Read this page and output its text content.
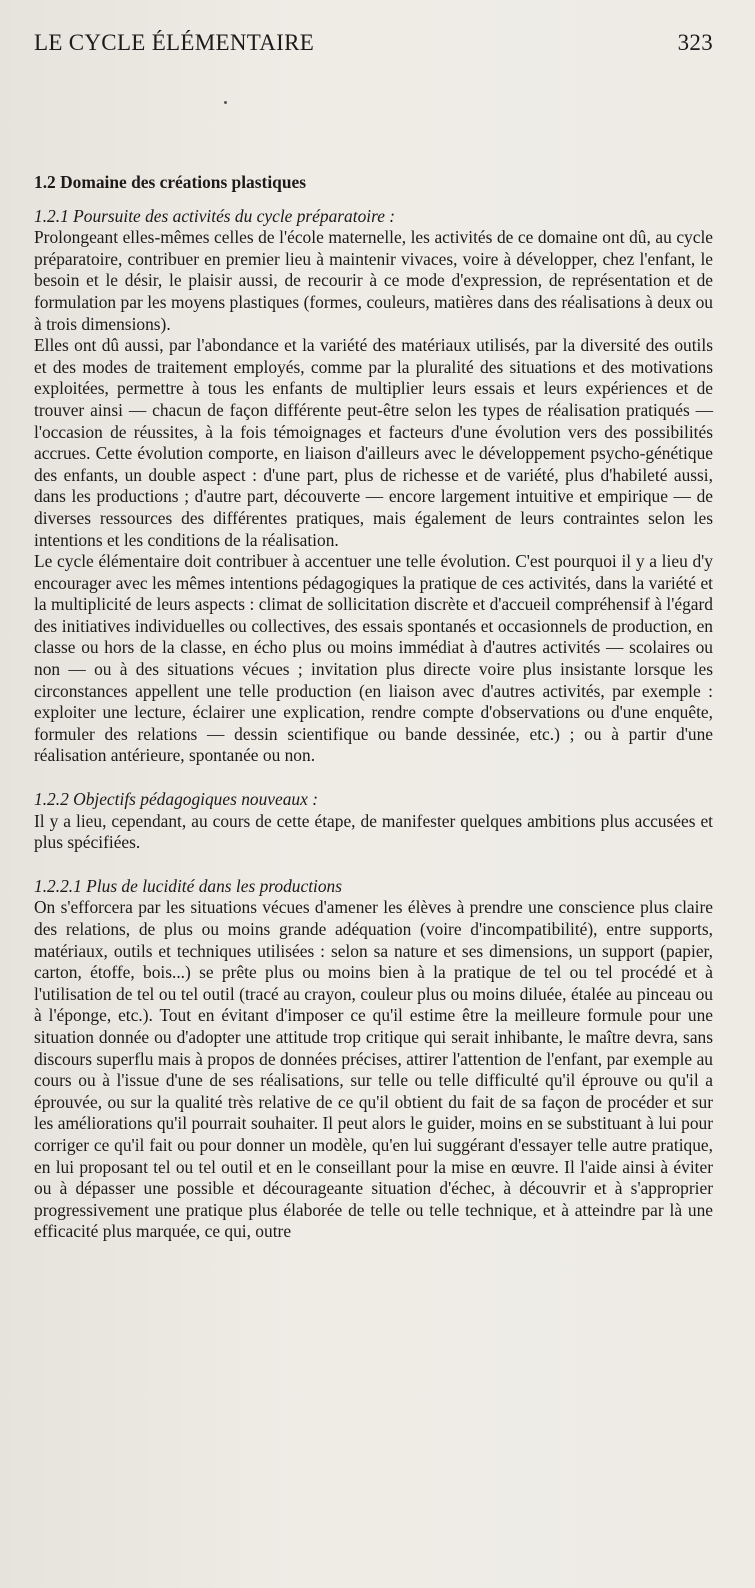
LE CYCLE ÉLÉMENTAIRE	323

1.2 Domaine des créations plastiques

1.2.1 Poursuite des activités du cycle préparatoire :

Prolongeant elles-mêmes celles de l'école maternelle, les activités de ce domaine ont dû, au cycle préparatoire, contribuer en premier lieu à maintenir vivaces, voire à développer, chez l'enfant, le besoin et le désir, le plaisir aussi, de recourir à ce mode d'expression, de représentation et de formulation par les moyens plastiques (formes, couleurs, matières dans des réalisations à deux ou à trois dimensions).

Elles ont dû aussi, par l'abondance et la variété des matériaux utilisés, par la diversité des outils et des modes de traitement employés, comme par la pluralité des situations et des motivations exploitées, permettre à tous les enfants de multiplier leurs essais et leurs expériences et de trouver ainsi — chacun de façon différente peut-être selon les types de réalisation pratiqués — l'occasion de réussites, à la fois témoignages et facteurs d'une évolution vers des possibilités accrues. Cette évolution comporte, en liaison d'ailleurs avec le développement psycho-génétique des enfants, un double aspect : d'une part, plus de richesse et de variété, plus d'habileté aussi, dans les productions ; d'autre part, découverte — encore largement intuitive et empirique — de diverses ressources des différentes pratiques, mais également de leurs contraintes selon les intentions et les conditions de la réalisation.

Le cycle élémentaire doit contribuer à accentuer une telle évolution. C'est pourquoi il y a lieu d'y encourager avec les mêmes intentions pédagogiques la pratique de ces activités, dans la variété et la multiplicité de leurs aspects : climat de sollicitation discrète et d'accueil compréhensif à l'égard des initiatives individuelles ou collectives, des essais spontanés et occasionnels de production, en classe ou hors de la classe, en écho plus ou moins immédiat à d'autres activités — scolaires ou non — ou à des situations vécues ; invitation plus directe voire plus insistante lorsque les circonstances appellent une telle production (en liaison avec d'autres activités, par exemple : exploiter une lecture, éclairer une explication, rendre compte d'observations ou d'une enquête, formuler des relations — dessin scientifique ou bande dessinée, etc.) ; ou à partir d'une réalisation antérieure, spontanée ou non.

1.2.2 Objectifs pédagogiques nouveaux :

Il y a lieu, cependant, au cours de cette étape, de manifester quelques ambitions plus accusées et plus spécifiées.

1.2.2.1 Plus de lucidité dans les productions

On s'efforcera par les situations vécues d'amener les élèves à prendre une conscience plus claire des relations, de plus ou moins grande adéquation (voire d'incompatibilité), entre supports, matériaux, outils et techniques utilisées : selon sa nature et ses dimensions, un support (papier, carton, étoffe, bois...) se prête plus ou moins bien à la pratique de tel ou tel procédé et à l'utilisation de tel ou tel outil (tracé au crayon, couleur plus ou moins diluée, étalée au pinceau ou à l'éponge, etc.). Tout en évitant d'imposer ce qu'il estime être la meilleure formule pour une situation donnée ou d'adopter une attitude trop critique qui serait inhibante, le maître devra, sans discours superflu mais à propos de données précises, attirer l'attention de l'enfant, par exemple au cours ou à l'issue d'une de ses réalisations, sur telle ou telle difficulté qu'il éprouve ou qu'il a éprouvée, ou sur la qualité très relative de ce qu'il obtient du fait de sa façon de procéder et sur les améliorations qu'il pourrait souhaiter. Il peut alors le guider, moins en se substituant à lui pour corriger ce qu'il fait ou pour donner un modèle, qu'en lui suggérant d'essayer telle autre pratique, en lui proposant tel ou tel outil et en le conseillant pour la mise en œuvre. Il l'aide ainsi à éviter ou à dépasser une possible et décourageante situation d'échec, à découvrir et à s'approprier progressivement une pratique plus élaborée de telle ou telle technique, et à atteindre par là une efficacité plus marquée, ce qui, outre
